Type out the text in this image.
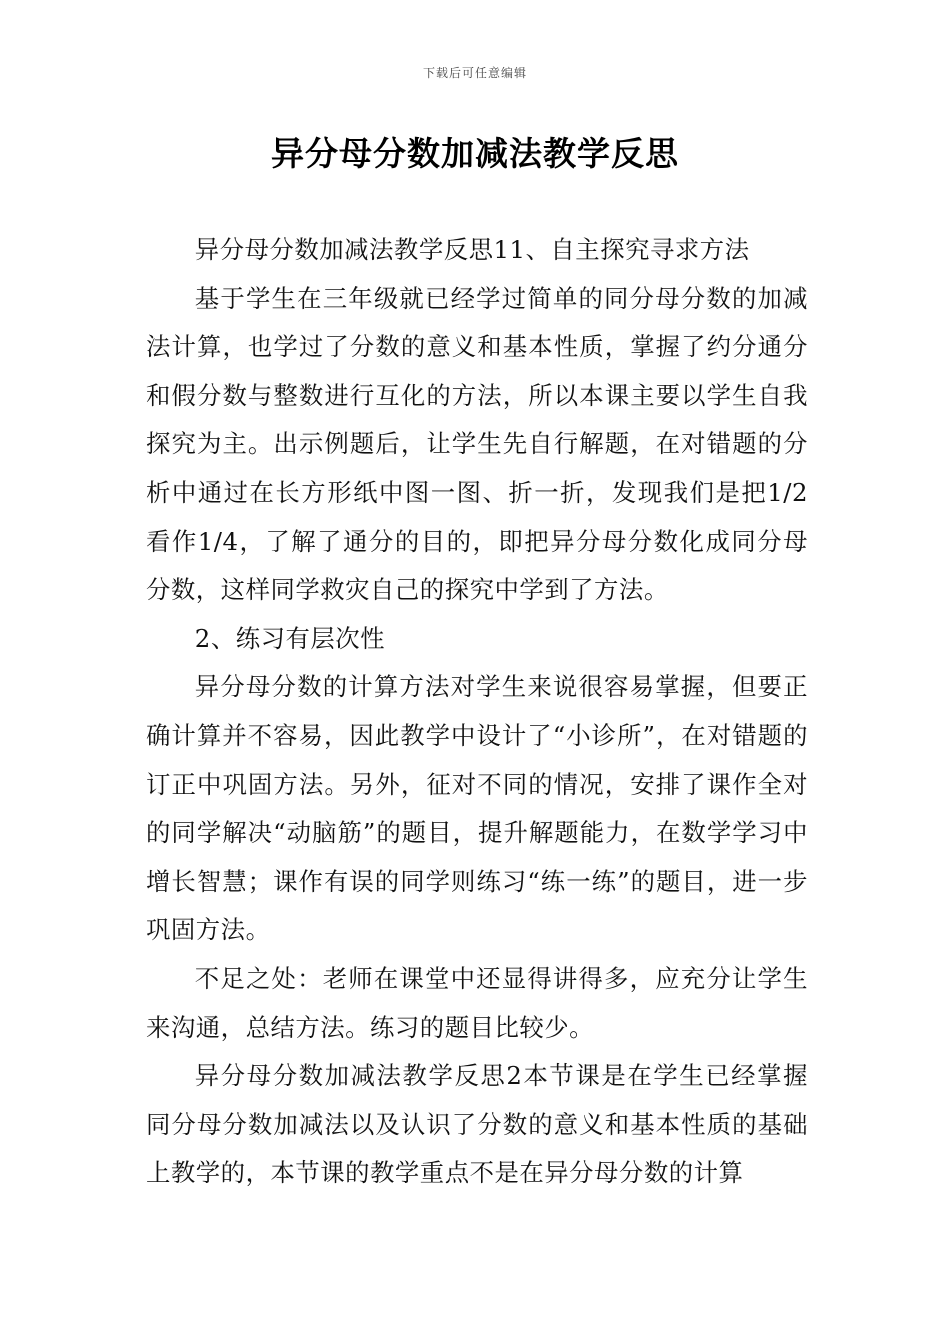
下载后可任意编辑
异分母分数加减法教学反思

异分母分数加减法教学反思11、自主探究寻求方法

基于学生在三年级就已经学过简单的同分母分数的加减法计算，也学过了分数的意义和基本性质，掌握了约分通分和假分数与整数进行互化的方法，所以本课主要以学生自我探究为主。出示例题后，让学生先自行解题，在对错题的分析中通过在长方形纸中图一图、折一折，发现我们是把1/2看作1/4，了解了通分的目的，即把异分母分数化成同分母分数，这样同学救灾自己的探究中学到了方法。

2、练习有层次性

异分母分数的计算方法对学生来说很容易掌握，但要正确计算并不容易，因此教学中设计了“小诊所”，在对错题的订正中巩固方法。另外，征对不同的情况，安排了课作全对的同学解决“动脑筋”的题目，提升解题能力，在数学学习中增长智慧；课作有误的同学则练习“练一练”的题目，进一步巩固方法。

不足之处：老师在课堂中还显得讲得多，应充分让学生来沟通，总结方法。练习的题目比较少。

异分母分数加减法教学反思2本节课是在学生已经掌握同分母分数加减法以及认识了分数的意义和基本性质的基础上教学的，本节课的教学重点不是在异分母分数的计算
